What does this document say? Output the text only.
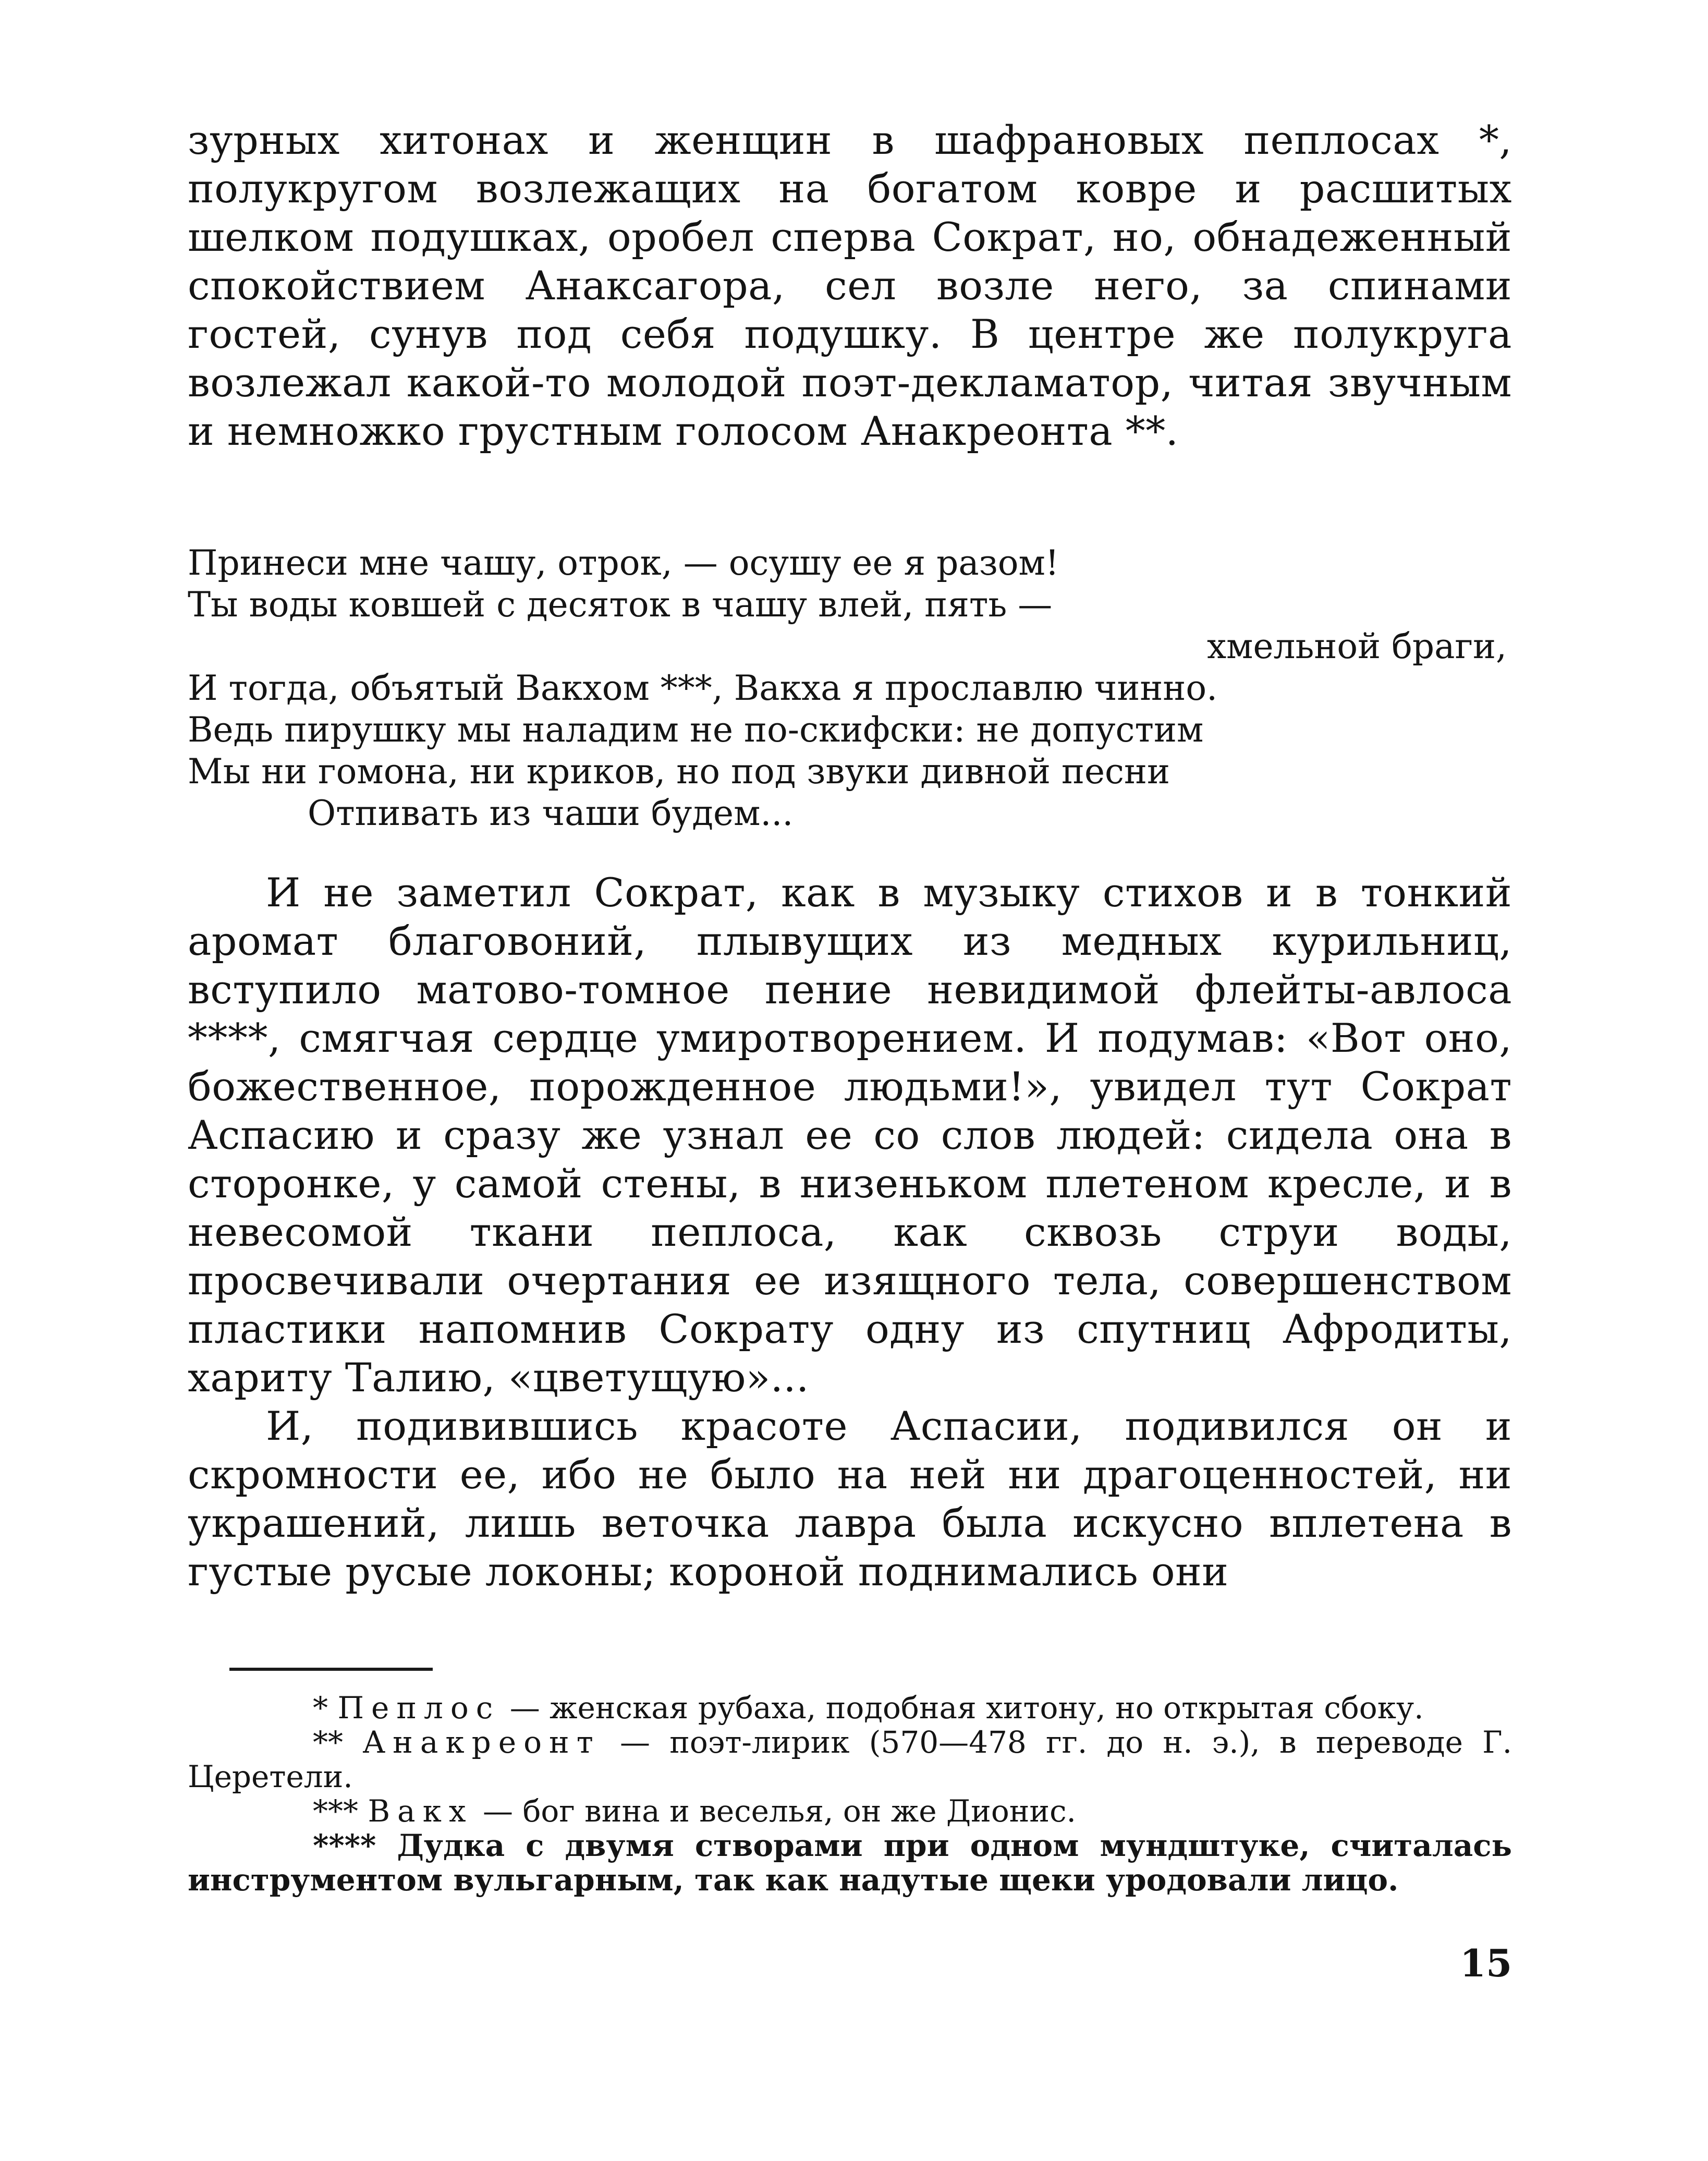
зурных хитонах и женщин в шафрановых пеплосах *, полукругом возлежащих на богатом ковре и расшитых шелком подушках, оробел сперва Сократ, но, обнадеженный спокойствием Анаксагора, сел возле него, за спинами гостей, сунув под себя подушку. В центре же полукруга возлежал какой-то молодой поэт-декламатор, читая звучным и немножко грустным голосом Анакреонта **.

Принеси мне чашу, отрок, — осушу ее я разом!
Ты воды ковшей с десяток в чашу влей, пять —
хмельной браги,
И тогда, объятый Вакхом ***, Вакха я прославлю чинно.
Ведь пирушку мы наладим не по-скифски: не допустим
Мы ни гомона, ни криков, но под звуки дивной песни
Отпивать из чаши будем...

И не заметил Сократ, как в музыку стихов и в тонкий аромат благовоний, плывущих из медных курильниц, вступило матово-томное пение невидимой флейты-авлоса ****, смягчая сердце умиротворением. И подумав: «Вот оно, божественное, порожденное людьми!», увидел тут Сократ Аспасию и сразу же узнал ее со слов людей: сидела она в сторонке, у самой стены, в низеньком плетеном кресле, и в невесомой ткани пеплоса, как сквозь струи воды, просвечивали очертания ее изящного тела, совершенством пластики напомнив Сократу одну из спутниц Афродиты, хариту Талию, «цветущую»...

И, подивившись красоте Аспасии, подивился он и скромности ее, ибо не было на ней ни драгоценностей, ни украшений, лишь веточка лавра была искусно вплетена в густые русые локоны; короной поднимались они

* Пеплос — женская рубаха, подобная хитону, но открытая сбоку.

** Анакреонт — поэт-лирик (570—478 гг. до н. э.), в переводе Г. Церетели.

*** Вакх — бог вина и веселья, он же Дионис.

**** Дудка с двумя створами при одном мундштуке, считалась инструментом вульгарным, так как надутые щеки уродовали лицо.

15
